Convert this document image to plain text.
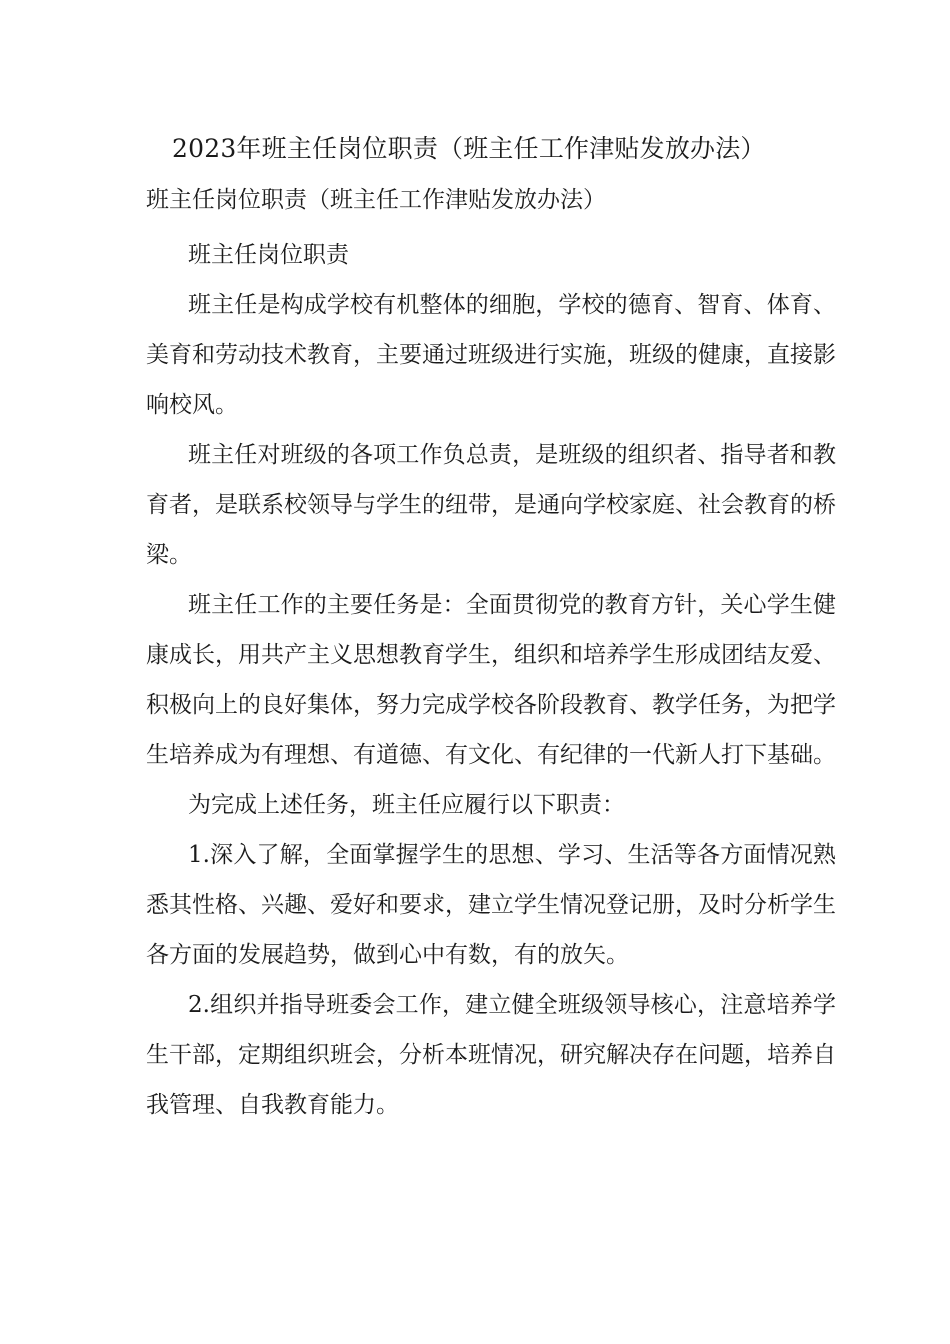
2023年班主任岗位职责（班主任工作津贴发放办法）
班主任岗位职责（班主任工作津贴发放办法）

班主任岗位职责

班主任是构成学校有机整体的细胞，学校的德育、智育、体育、美育和劳动技术教育，主要通过班级进行实施，班级的健康，直接影响校风。

班主任对班级的各项工作负总责，是班级的组织者、指导者和教育者，是联系校领导与学生的纽带，是通向学校家庭、社会教育的桥梁。

班主任工作的主要任务是：全面贯彻党的教育方针，关心学生健康成长，用共产主义思想教育学生，组织和培养学生形成团结友爱、积极向上的良好集体，努力完成学校各阶段教育、教学任务，为把学生培养成为有理想、有道德、有文化、有纪律的一代新人打下基础。

为完成上述任务，班主任应履行以下职责：

1.深入了解，全面掌握学生的思想、学习、生活等各方面情况熟悉其性格、兴趣、爱好和要求，建立学生情况登记册，及时分析学生各方面的发展趋势，做到心中有数，有的放矢。

2.组织并指导班委会工作，建立健全班级领导核心，注意培养学生干部，定期组织班会，分析本班情况，研究解决存在问题，培养自我管理、自我教育能力。
